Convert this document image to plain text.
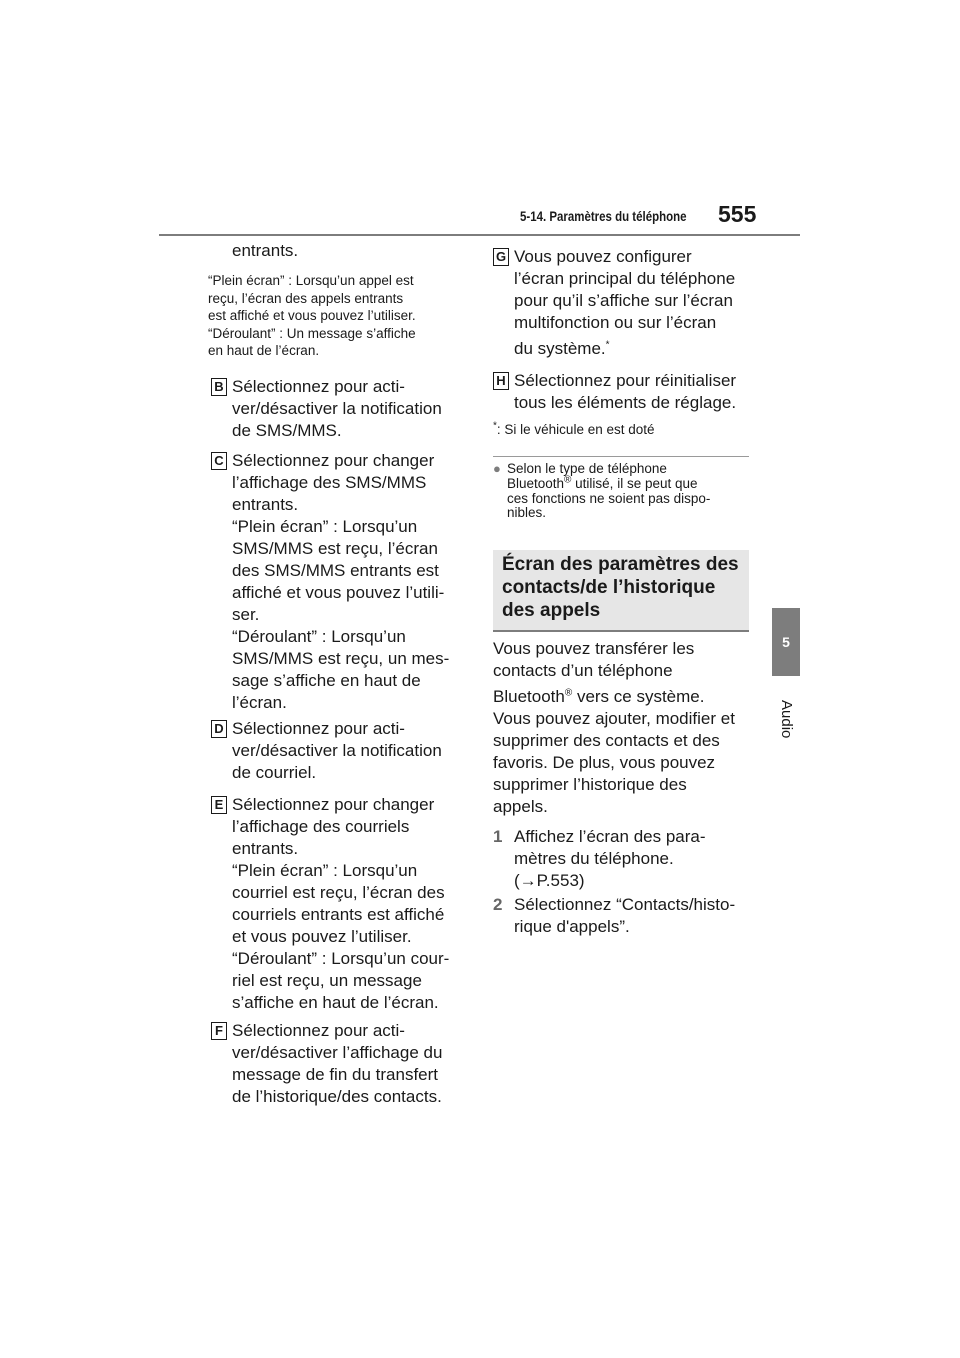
5-14. Paramètres du téléphone 555
5
Audio

entrants.

“Plein écran” : Lorsqu’un appel est

reçu, l’écran des appels entrants

est affiché et vous pouvez l’utiliser.

“Déroulant” : Un message s’affiche

en haut de l’écran.

B Sélectionnez pour acti-
ver/désactiver la notification
de SMS/MMS.
C Sélectionnez pour changer
l’affichage des SMS/MMS
entrants.
“Plein écran” : Lorsqu’un
SMS/MMS est reçu, l’écran
des SMS/MMS entrants est
affiché et vous pouvez l’utili-
ser.
“Déroulant” : Lorsqu’un
SMS/MMS est reçu, un mes-
sage s’affiche en haut de
l’écran.
D Sélectionnez pour acti-
ver/désactiver la notification
de courriel.
E Sélectionnez pour changer
l’affichage des courriels
entrants.
“Plein écran” : Lorsqu’un
courriel est reçu, l’écran des
courriels entrants est affiché
et vous pouvez l’utiliser.
“Déroulant” : Lorsqu’un cour-
riel est reçu, un message
s’affiche en haut de l’écran.
F Sélectionnez pour acti-
ver/désactiver l’affichage du
message de fin du transfert
de l’historique/des contacts.
G Vous pouvez configurer
l’écran principal du téléphone
pour qu’il s’affiche sur l’écran
multifonction ou sur l’écran
du système.*
H Sélectionnez pour réinitialiser
tous les éléments de réglage.
*: Si le véhicule en est doté
● Selon le type de téléphone

Bluetooth® utilisé, il se peut que

ces fonctions ne soient pas dispo-

nibles.

Écran des paramètres des
contacts/de l’historique
des appels
Vous pouvez transférer les
contacts d’un téléphone
Bluetooth® vers ce système.
Vous pouvez ajouter, modifier et
supprimer des contacts et des
favoris. De plus, vous pouvez
supprimer l’historique des
appels.
1 Affichez l’écran des para-
mètres du téléphone.
(→P.553)
2 Sélectionnez “Contacts/histo-
rique d'appels”.
